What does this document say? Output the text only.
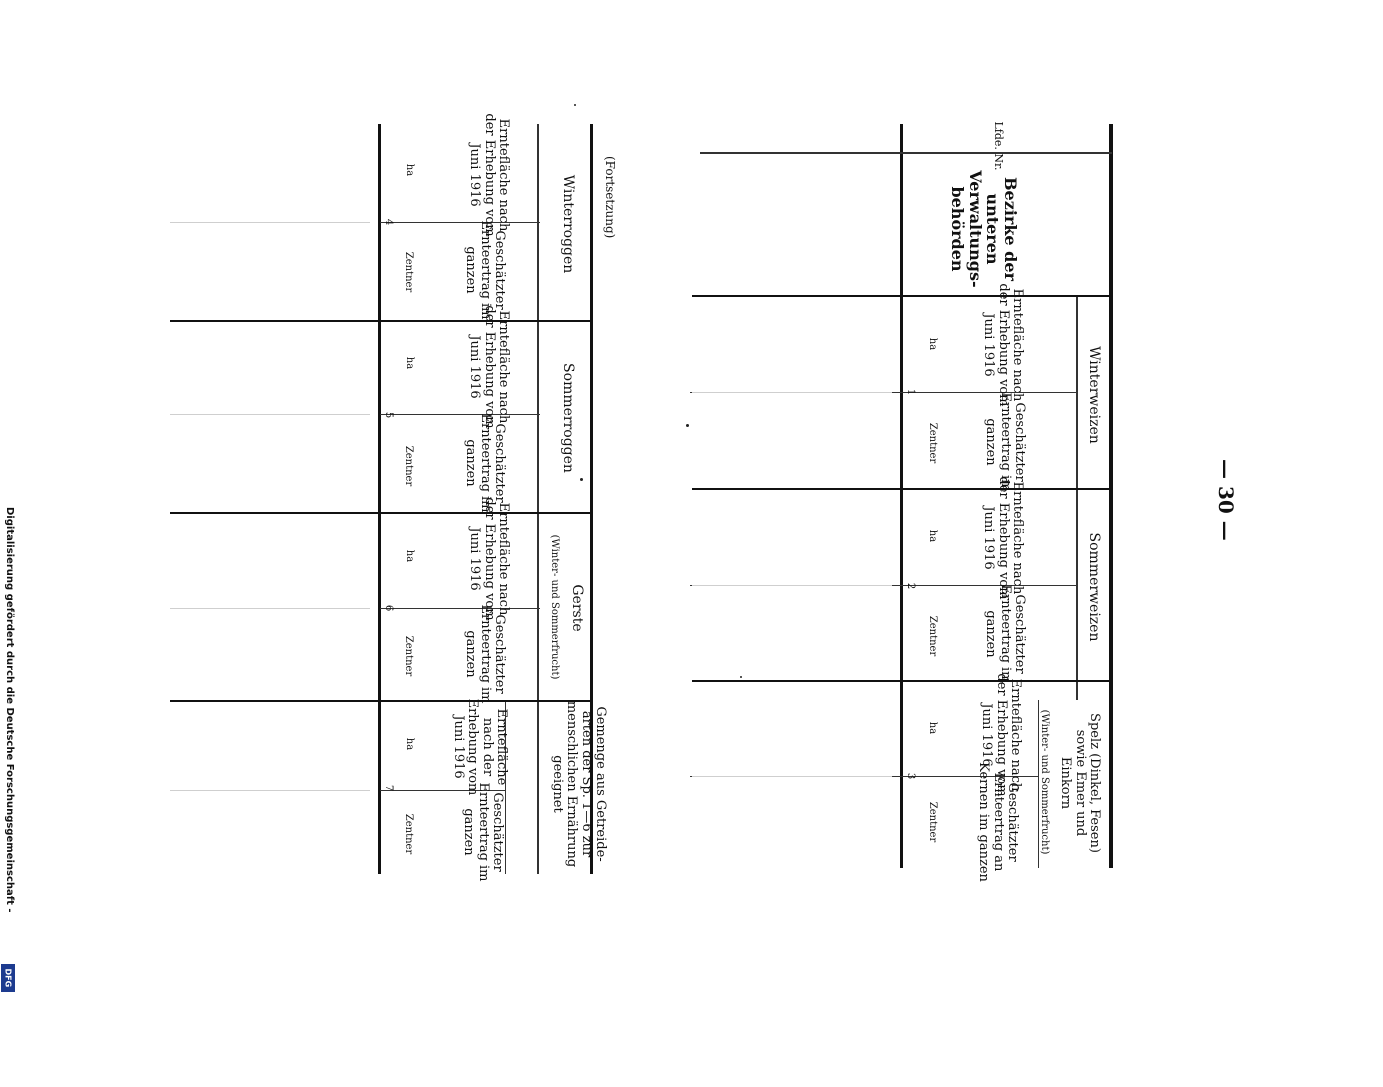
— 30 —
Lfde. Nr.
Bezirke der unteren Verwaltungs- behörden
Winterweizen
Erntefläche nach der Erhebung vom Juni 1916
ha
Geschätzter Ernteertrag im ganzen
Zentner
1
Sommerweizen
Erntefläche nach der Erhebung vom Juni 1916
ha
Geschätzter Ernteertrag im ganzen
Zentner
2
Spelz (Dinkel, Fesen) sowie Emer und Einkorn
(Winter- und Sommerfrucht)
Erntefläche nach der Erhebung vom Juni 1916
ha
Geschätzter Ernteertrag an Kernen im ganzen
Zentner
3
(Fortsetzung)
Winterroggen
Erntefläche nach der Erhebung vom Juni 1916
ha
Geschätzter Ernteertrag im ganzen
Zentner
4
Sommerroggen
Erntefläche nach der Erhebung vom Juni 1916
ha
Geschätzter Ernteertrag im ganzen
Zentner
5
Gerste
(Winter- und Sommerfrucht)
Erntefläche nach der Erhebung vom Juni 1916
ha
Geschätzter Ernteertrag im ganzen
Zentner
6
Gemenge aus Getreide- arten der Sp. 1—6 zur menschlichen Ernährung geeignet
Erntefläche nach der Erhebung vom Juni 1916
ha
Geschätzter Ernteertrag im ganzen
Zentner
7
Digitalisierung gefördert durch die Deutsche Forschungsgemeinschaft -
DFG
